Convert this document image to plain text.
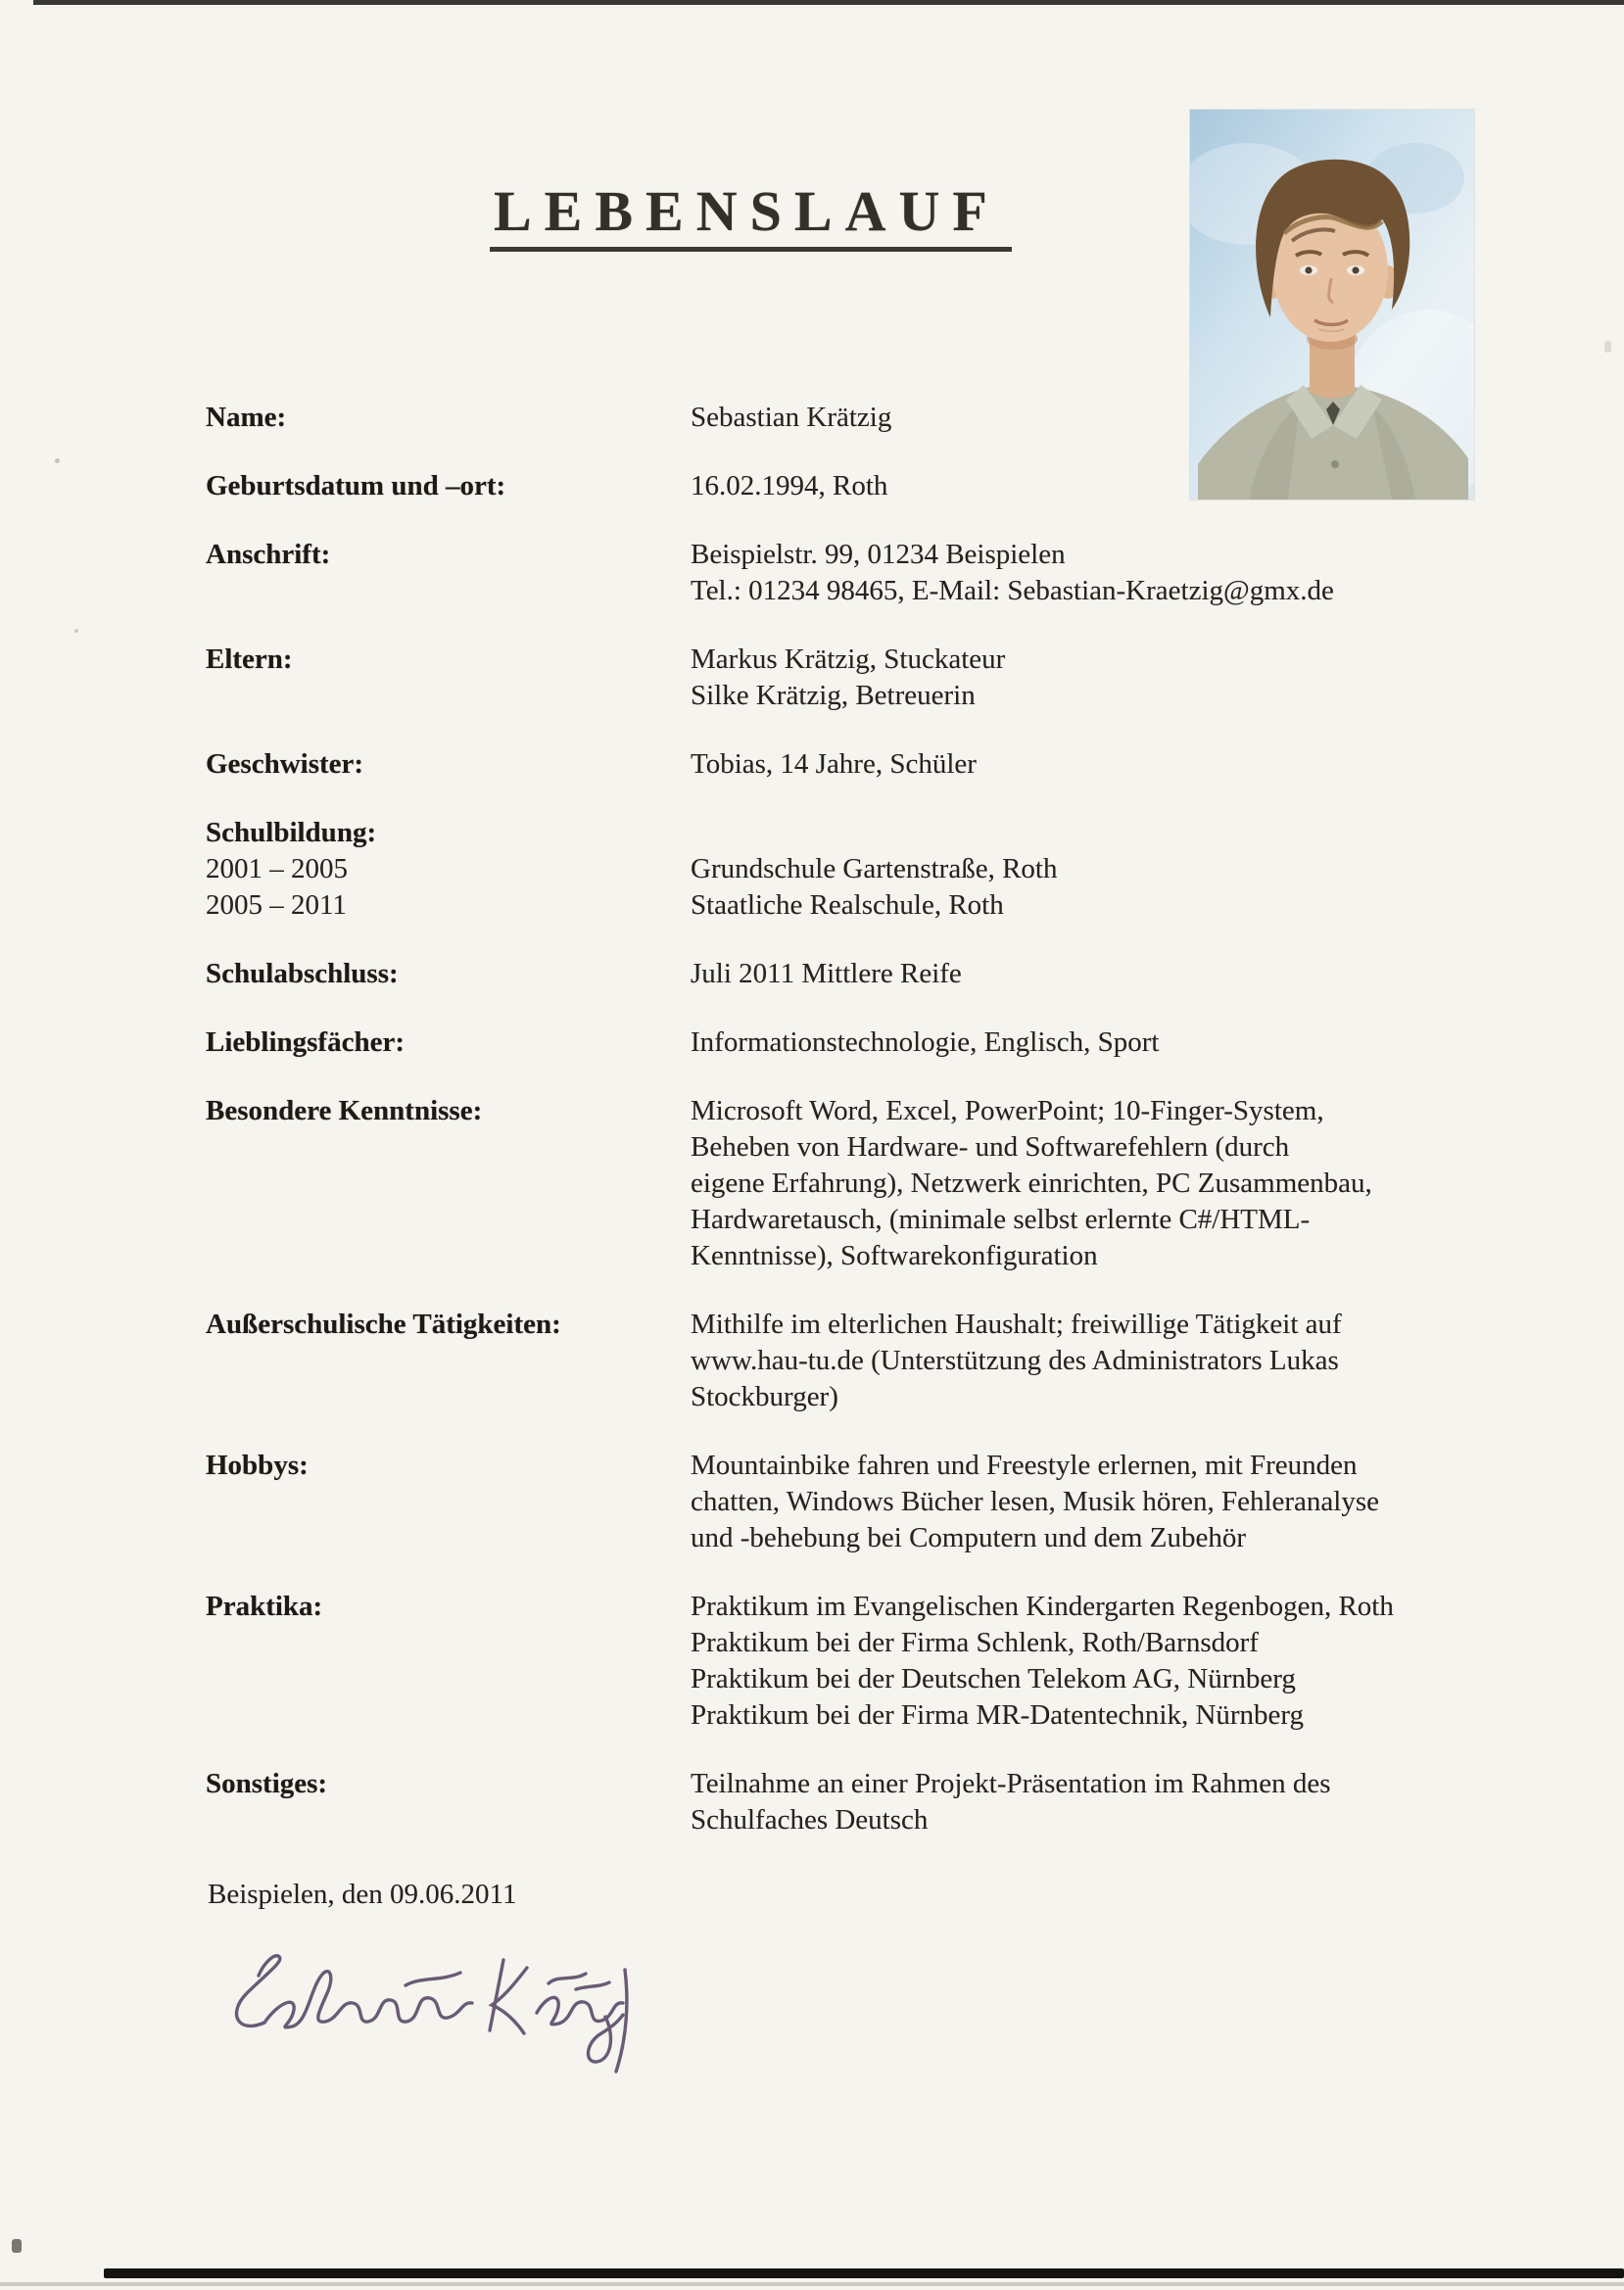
LEBENSLAUF
Name:	Sebastian Krätzig
Geburtsdatum und –ort:	16.02.1994, Roth
Anschrift:	Beispielstr. 99, 01234 Beispielen
Tel.: 01234 98465, E-Mail: Sebastian-Kraetzig@gmx.de
Eltern:	Markus Krätzig, Stuckateur
Silke Krätzig, Betreuerin
Geschwister:	Tobias, 14 Jahre, Schüler
Schulbildung:
2001 – 2005	Grundschule Gartenstraße, Roth
2005 – 2011	Staatliche Realschule, Roth
Schulabschluss:	Juli 2011 Mittlere Reife
Lieblingsfächer:	Informationstechnologie, Englisch, Sport
Besondere Kenntnisse:	Microsoft Word, Excel, PowerPoint; 10-Finger-System,
Beheben von Hardware- und Softwarefehlern (durch
eigene Erfahrung), Netzwerk einrichten, PC Zusammenbau,
Hardwaretausch, (minimale selbst erlernte C#/HTML-
Kenntnisse), Softwarekonfiguration
Außerschulische Tätigkeiten:	Mithilfe im elterlichen Haushalt; freiwillige Tätigkeit auf
www.hau-tu.de (Unterstützung des Administrators Lukas
Stockburger)
Hobbys:	Mountainbike fahren und Freestyle erlernen, mit Freunden
chatten, Windows Bücher lesen, Musik hören, Fehleranalyse
und -behebung bei Computern und dem Zubehör
Praktika:	Praktikum im Evangelischen Kindergarten Regenbogen, Roth
Praktikum bei der Firma Schlenk, Roth/Barnsdorf
Praktikum bei der Deutschen Telekom AG, Nürnberg
Praktikum bei der Firma MR-Datentechnik, Nürnberg
Sonstiges:	Teilnahme an einer Projekt-Präsentation im Rahmen des
Schulfaches Deutsch
Beispielen, den 09.06.2011
